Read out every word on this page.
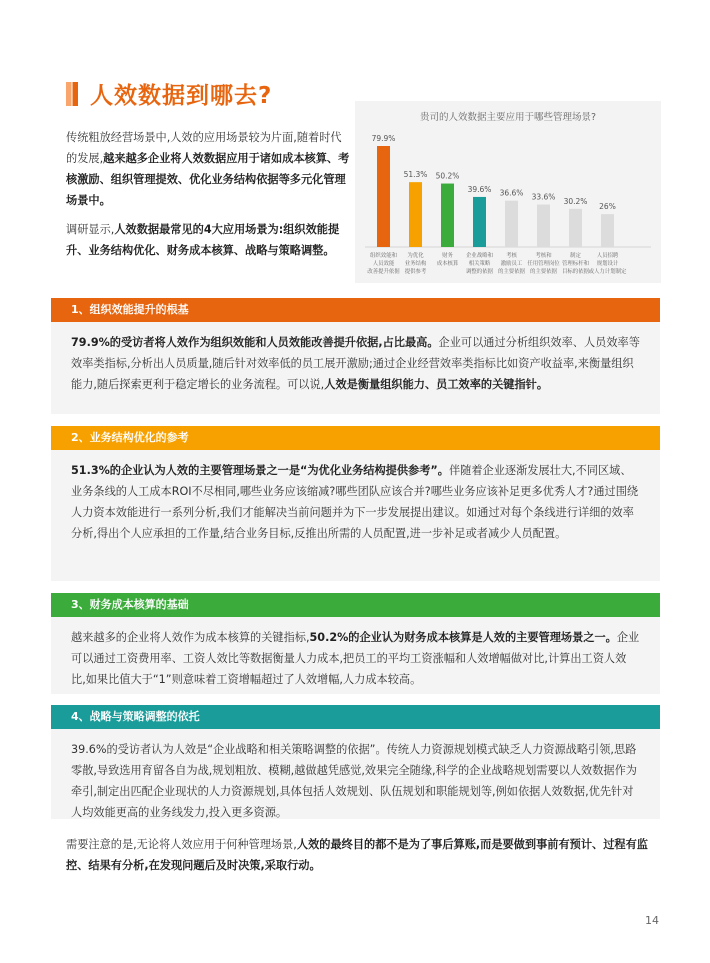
人效数据到哪去?
传统粗放经营场景中,人效的应用场景较为片面,随着时代的发展,越来越多企业将人效数据应用于诸如成本核算、考核激励、组织管理提效、优化业务结构依据等多元化管理场景中。
调研显示,人效数据最常见的4大应用场景为:组织效能提升、业务结构优化、财务成本核算、战略与策略调整。
贵司的人效数据主要应用于哪些管理场景?
79.9%
组织效能和
人员效能
改善提升依据
51.3%
为优化
业务结构
提供参考
50.2%
财务
成本核算
39.6%
企业战略和
相关策略
调整的依据
36.6%
考核
激励员工
的主要依据
33.6%
考核和
任用管理岗位
的主要依据
30.2%
制定
管理标杆和
目标的依据
26%
人员招聘
规划设计
或人力计划制定
1、组织效能提升的根基
79.9%的受访者将人效作为组织效能和人员效能改善提升依据,占比最高。企业可以通过分析组织效率、人员效率等效率类指标,分析出人员质量,随后针对效率低的员工展开激励;通过企业经营效率类指标比如资产收益率,来衡量组织能力,随后探索更利于稳定增长的业务流程。可以说,人效是衡量组织能力、员工效率的关键指针。
2、业务结构优化的参考
51.3%的企业认为人效的主要管理场景之一是“为优化业务结构提供参考”。伴随着企业逐渐发展壮大,不同区域、业务条线的人工成本ROI不尽相同,哪些业务应该缩减?哪些团队应该合并?哪些业务应该补足更多优秀人才?通过围绕人力资本效能进行一系列分析,我们才能解决当前问题并为下一步发展提出建议。如通过对每个条线进行详细的效率分析,得出个人应承担的工作量,结合业务目标,反推出所需的人员配置,进一步补足或者减少人员配置。
3、财务成本核算的基础
越来越多的企业将人效作为成本核算的关键指标,50.2%的企业认为财务成本核算是人效的主要管理场景之一。企业可以通过工资费用率、工资人效比等数据衡量人力成本,把员工的平均工资涨幅和人效增幅做对比,计算出工资人效比,如果比值大于“1”则意味着工资增幅超过了人效增幅,人力成本较高。
4、战略与策略调整的依托
39.6%的受访者认为人效是“企业战略和相关策略调整的依据”。传统人力资源规划模式缺乏人力资源战略引领,思路零散,导致选用育留各自为战,规划粗放、模糊,越做越凭感觉,效果完全随缘,科学的企业战略规划需要以人效数据作为牵引,制定出匹配企业现状的人力资源规划,具体包括人效规划、队伍规划和职能规划等,例如依据人效数据,优先针对人均效能更高的业务线发力,投入更多资源。
需要注意的是,无论将人效应用于何种管理场景,人效的最终目的都不是为了事后算账,而是要做到事前有预计、过程有监控、结果有分析,在发现问题后及时决策,采取行动。
14
